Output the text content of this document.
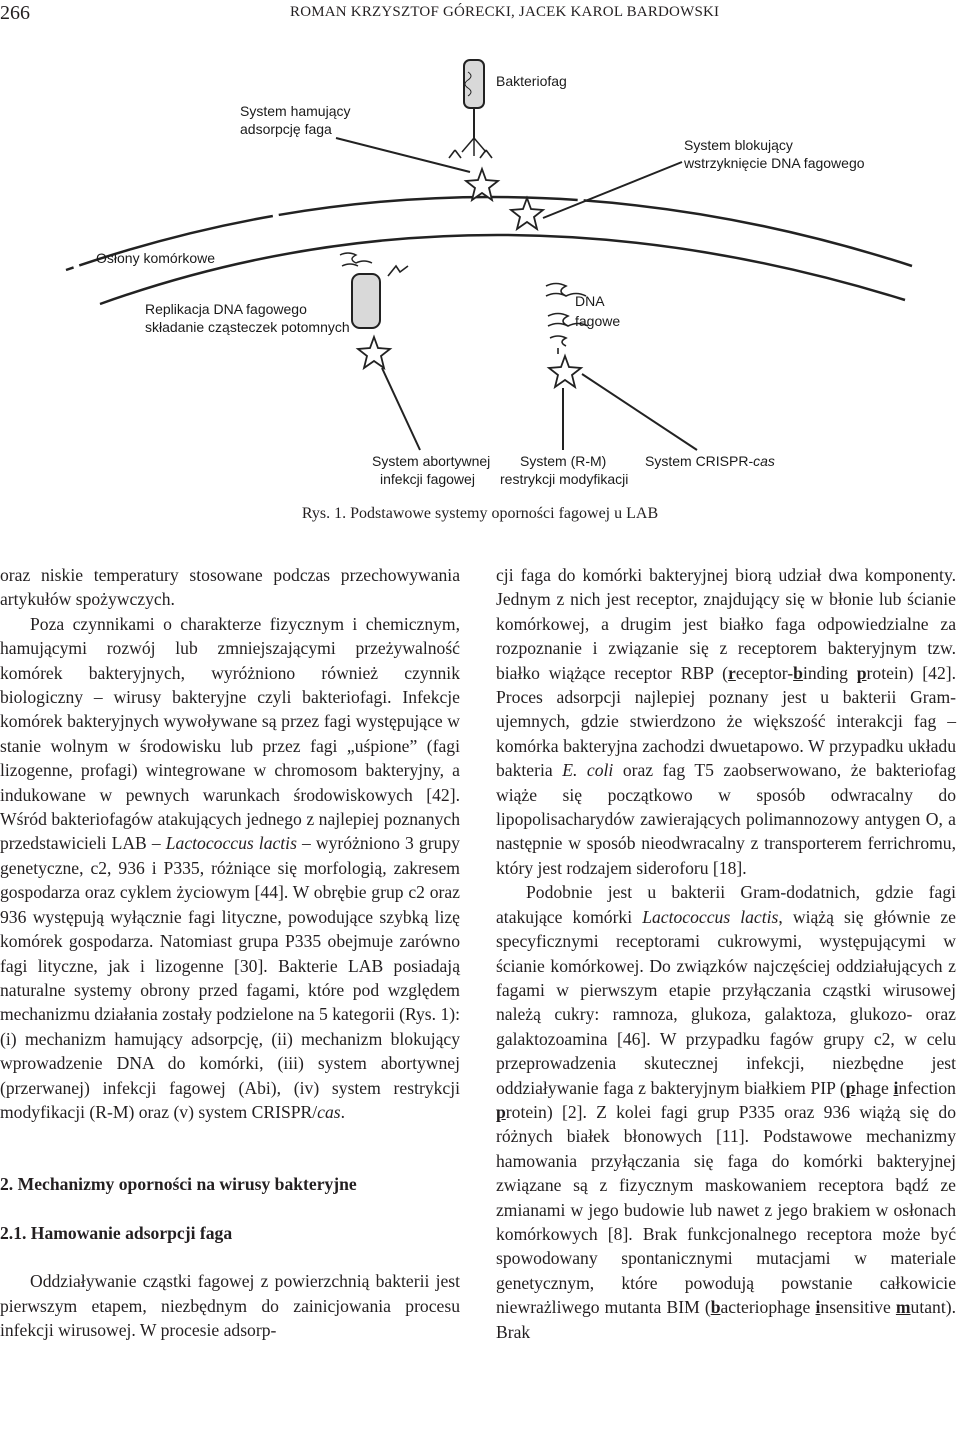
266	ROMAN KRZYSZTOF GÓRECKI, JACEK KAROL BARDOWSKI
Bakteriofag
System hamujący
adsorpcję faga
System blokujący
wstrzyknięcie DNA fagowego
Osłony komórkowe
Replikacja DNA fagowego
składanie cząsteczek potomnych
DNA
fagowe
System abortywnej
infekcji fagowej
System (R-M)
restrykcji modyfikacji
System CRISPR-cas
Rys. 1. Podstawowe systemy oporności fagowej u LAB

oraz niskie temperatury stosowane podczas przechowywania artykułów spożywczych.

Poza czynnikami o charakterze fizycznym i chemicznym, hamującymi rozwój lub zmniejszającymi przeżywalność komórek bakteryjnych, wyróżniono również czynnik biologiczny – wirusy bakteryjne czyli bakteriofagi. Infekcje komórek bakteryjnych wywoływane są przez fagi występujące w stanie wolnym w środowisku lub przez fagi „uśpione” (fagi lizogenne, profagi) wintegrowane w chromosom bakteryjny, a indukowane w pewnych warunkach środowiskowych [42]. Wśród bakteriofagów atakujących jednego z najlepiej poznanych przedstawicieli LAB – Lactococcus lactis – wyróżniono 3 grupy genetyczne, c2, 936 i P335, różniące się morfologią, zakresem gospodarza oraz cyklem życiowym [44]. W obrębie grup c2 oraz 936 występują wyłącznie fagi lityczne, powodujące szybką lizę komórek gospodarza. Natomiast grupa P335 obejmuje zarówno fagi lityczne, jak i lizogenne [30]. Bakterie LAB posiadają naturalne systemy obrony przed fagami, które pod względem mechanizmu działania zostały podzielone na 5 kategorii (Rys. 1): (i) mechanizm hamujący adsorpcję, (ii) mechanizm blokujący wprowadzenie DNA do komórki, (iii) system abortywnej (przerwanej) infekcji fagowej (Abi), (iv) system restrykcji modyfikacji (R-M) oraz (v) system CRISPR/cas.

2. Mechanizmy oporności na wirusy bakteryjne

2.1. Hamowanie adsorpcji faga

Oddziaływanie cząstki fagowej z powierzchnią bakterii jest pierwszym etapem, niezbędnym do zainicjowania procesu infekcji wirusowej. W procesie adsorp-

cji faga do komórki bakteryjnej biorą udział dwa komponenty. Jednym z nich jest receptor, znajdujący się w błonie lub ścianie komórkowej, a drugim jest białko faga odpowiedzialne za rozpoznanie i związanie się z receptorem bakteryjnym tzw. białko wiążące receptor RBP (receptor-binding protein) [42]. Proces adsorpcji najlepiej poznany jest u bakterii Gram-ujemnych, gdzie stwierdzono że większość interakcji fag – komórka bakteryjna zachodzi dwuetapowo. W przypadku układu bakteria E. coli oraz fag T5 zaobserwowano, że bakteriofag wiąże się początkowo w sposób odwracalny do lipopolisacharydów zawierających polimannozowy antygen O, a następnie w sposób nieodwracalny z transporterem ferrichromu, który jest rodzajem sideroforu [18].

Podobnie jest u bakterii Gram-dodatnich, gdzie fagi atakujące komórki Lactococcus lactis, wiążą się głównie ze specyficznymi receptorami cukrowymi, występującymi w ścianie komórkowej. Do związków najczęściej oddziałujących z fagami w pierwszym etapie przyłączania cząstki wirusowej należą cukry: ramnoza, glukoza, galaktoza, glukozo- oraz galaktozoamina [46]. W przypadku fagów grupy c2, w celu przeprowadzenia skutecznej infekcji, niezbędne jest oddziaływanie faga z bakteryjnym białkiem PIP (phage infection protein) [2]. Z kolei fagi grup P335 oraz 936 wiążą się do różnych białek błonowych [11]. Podstawowe mechanizmy hamowania przyłączania się faga do komórki bakteryjnej związane są z fizycznym maskowaniem receptora bądź ze zmianami w jego budowie lub nawet z jego brakiem w osłonach komórkowych [8]. Brak funkcjonalnego receptora może być spowodowany spontanicznymi mutacjami w materiale genetycznym, które powodują powstanie całkowicie niewrażliwego mutanta BIM (bacteriophage insensitive mutant). Brak
